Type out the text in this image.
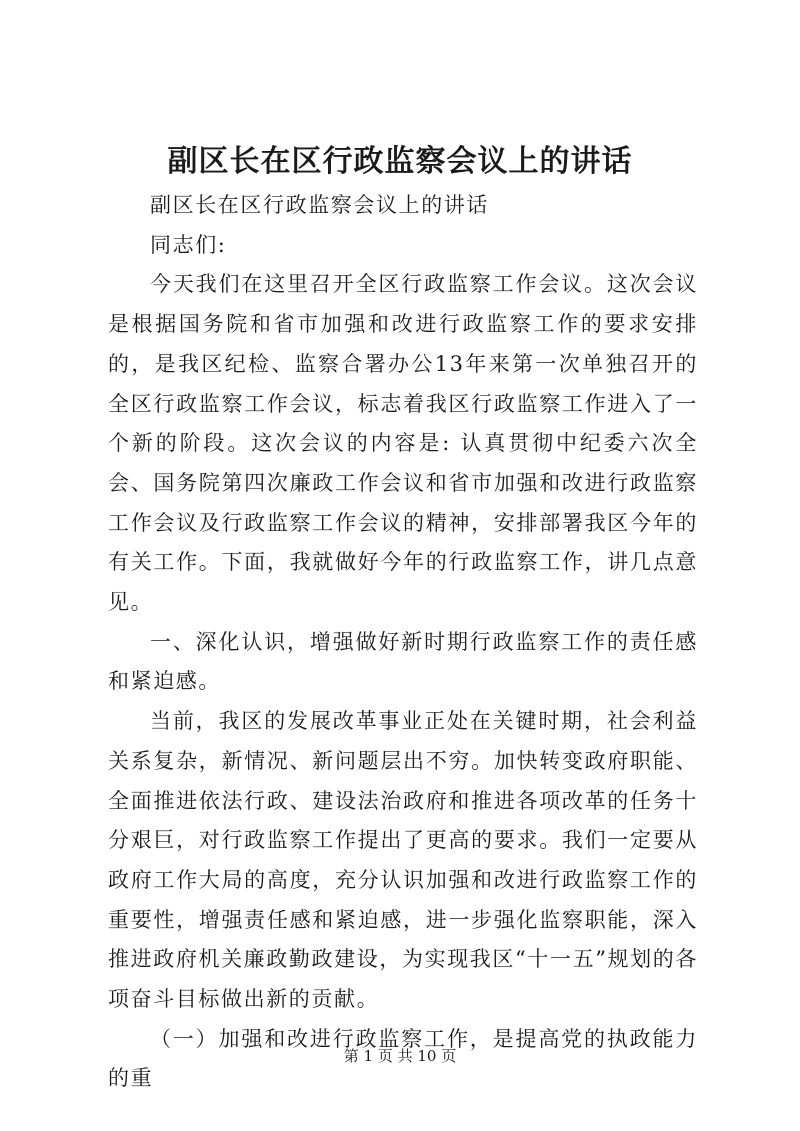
副区长在区行政监察会议上的讲话

副区长在区行政监察会议上的讲话

同志们:

今天我们在这里召开全区行政监察工作会议。这次会议是根据国务院和省市加强和改进行政监察工作的要求安排的，是我区纪检、监察合署办公13年来第一次单独召开的全区行政监察工作会议，标志着我区行政监察工作进入了一个新的阶段。这次会议的内容是: 认真贯彻中纪委六次全会、国务院第四次廉政工作会议和省市加强和改进行政监察工作会议及行政监察工作会议的精神，安排部署我区今年的有关工作。下面，我就做好今年的行政监察工作，讲几点意见。

一、深化认识，增强做好新时期行政监察工作的责任感和紧迫感。

当前，我区的发展改革事业正处在关键时期，社会利益关系复杂，新情况、新问题层出不穷。加快转变政府职能、全面推进依法行政、建设法治政府和推进各项改革的任务十分艰巨，对行政监察工作提出了更高的要求。我们一定要从政府工作大局的高度，充分认识加强和改进行政监察工作的重要性，增强责任感和紧迫感，进一步强化监察职能，深入推进政府机关廉政勤政建设，为实现我区“十一五”规划的各项奋斗目标做出新的贡献。

（一）加强和改进行政监察工作，是提高党的执政能力的重

第 1 页 共 10 页
